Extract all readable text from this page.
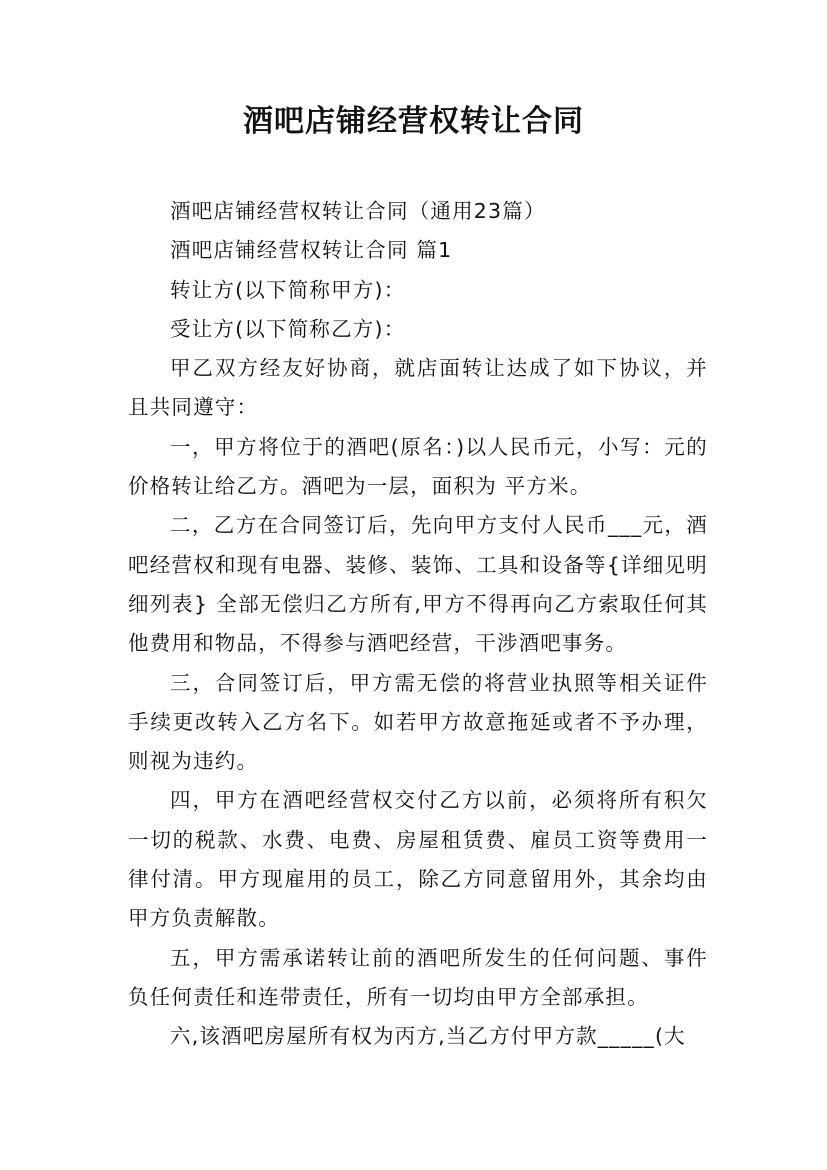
酒吧店铺经营权转让合同

酒吧店铺经营权转让合同（通用23篇）

酒吧店铺经营权转让合同 篇1

转让方(以下简称甲方)：

受让方(以下简称乙方)：

甲乙双方经友好协商，就店面转让达成了如下协议，并且共同遵守：

一，甲方将位于的酒吧(原名：)以人民币元，小写：元的价格转让给乙方。酒吧为一层，面积为 平方米。

二，乙方在合同签订后，先向甲方支付人民币___元，酒吧经营权和现有电器、装修、装饰、工具和设备等{详细见明细列表} 全部无偿归乙方所有,甲方不得再向乙方索取任何其他费用和物品，不得参与酒吧经营，干涉酒吧事务。

三，合同签订后，甲方需无偿的将营业执照等相关证件手续更改转入乙方名下。如若甲方故意拖延或者不予办理，则视为违约。

四，甲方在酒吧经营权交付乙方以前，必须将所有积欠一切的税款、水费、电费、房屋租赁费、雇员工资等费用一律付清。甲方现雇用的员工，除乙方同意留用外，其余均由甲方负责解散。

五，甲方需承诺转让前的酒吧所发生的任何问题、事件负任何责任和连带责任，所有一切均由甲方全部承担。

六,该酒吧房屋所有权为丙方,当乙方付甲方款_____(大
